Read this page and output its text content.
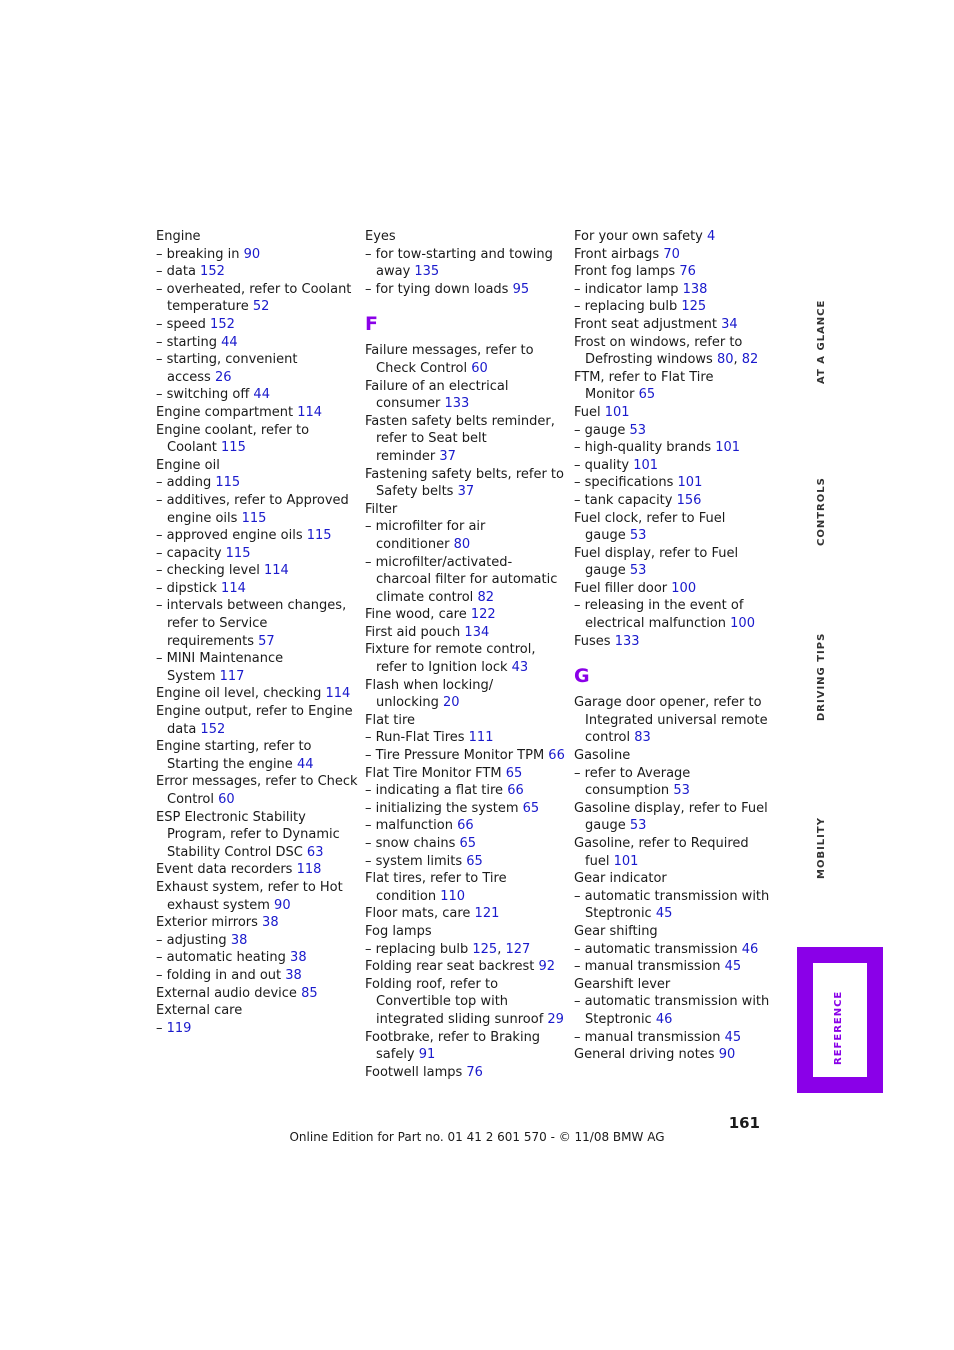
Engine
– breaking in 90
– data 152
– overheated, refer to Coolant
temperature 52
– speed 152
– starting 44
– starting, convenient
access 26
– switching off 44
Engine compartment 114
Engine coolant, refer to
Coolant 115
Engine oil
– adding 115
– additives, refer to Approved
engine oils 115
– approved engine oils 115
– capacity 115
– checking level 114
– dipstick 114
– intervals between changes,
refer to Service
requirements 57
– MINI Maintenance
System 117
Engine oil level, checking 114
Engine output, refer to Engine
data 152
Engine starting, refer to
Starting the engine 44
Error messages, refer to Check
Control 60
ESP Electronic Stability
Program, refer to Dynamic
Stability Control DSC 63
Event data recorders 118
Exhaust system, refer to Hot
exhaust system 90
Exterior mirrors 38
– adjusting 38
– automatic heating 38
– folding in and out 38
External audio device 85
External care
– 119
Eyes
– for tow-starting and towing
away 135
– for tying down loads 95
F
Failure messages, refer to
Check Control 60
Failure of an electrical
consumer 133
Fasten safety belts reminder,
refer to Seat belt
reminder 37
Fastening safety belts, refer to
Safety belts 37
Filter
– microfilter for air
conditioner 80
– microfilter/activated-
charcoal filter for automatic
climate control 82
Fine wood, care 122
First aid pouch 134
Fixture for remote control,
refer to Ignition lock 43
Flash when locking/
unlocking 20
Flat tire
– Run-Flat Tires 111
– Tire Pressure Monitor TPM 66
Flat Tire Monitor FTM 65
– indicating a flat tire 66
– initializing the system 65
– malfunction 66
– snow chains 65
– system limits 65
Flat tires, refer to Tire
condition 110
Floor mats, care 121
Fog lamps
– replacing bulb 125, 127
Folding rear seat backrest 92
Folding roof, refer to
Convertible top with
integrated sliding sunroof 29
Footbrake, refer to Braking
safely 91
Footwell lamps 76
For your own safety 4
Front airbags 70
Front fog lamps 76
– indicator lamp 138
– replacing bulb 125
Front seat adjustment 34
Frost on windows, refer to
Defrosting windows 80, 82
FTM, refer to Flat Tire
Monitor 65
Fuel 101
– gauge 53
– high-quality brands 101
– quality 101
– specifications 101
– tank capacity 156
Fuel clock, refer to Fuel
gauge 53
Fuel display, refer to Fuel
gauge 53
Fuel filler door 100
– releasing in the event of
electrical malfunction 100
Fuses 133
G
Garage door opener, refer to
Integrated universal remote
control 83
Gasoline
– refer to Average
consumption 53
Gasoline display, refer to Fuel
gauge 53
Gasoline, refer to Required
fuel 101
Gear indicator
– automatic transmission with
Steptronic 45
Gear shifting
– automatic transmission 46
– manual transmission 45
Gearshift lever
– automatic transmission with
Steptronic 46
– manual transmission 45
General driving notes 90
AT A GLANCE
CONTROLS
DRIVING TIPS
MOBILITY
REFERENCE
161
Online Edition for Part no. 01 41 2 601 570 - © 11/08 BMW AG
